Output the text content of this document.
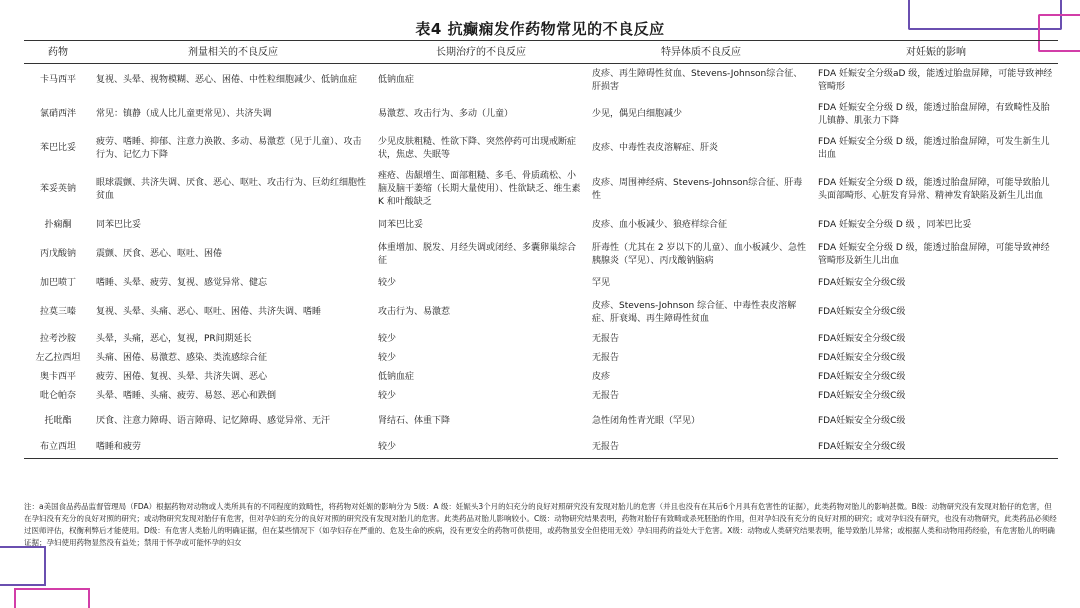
表4 抗癫痫发作药物常见的不良反应
药物	剂量相关的不良反应	长期治疗的不良反应	特异体质不良反应	对妊娠的影响
卡马西平	复视、头晕、视物模糊、恶心、困倦、中性粒细胞减少、低钠血症	低钠血症	皮疹、再生障碍性贫血、Stevens-Johnson综合征、肝损害	FDA 妊娠安全分级aD 级，能透过胎盘屏障，可能导致神经管畸形
氯硝西泮	常见：镇静（成人比儿童更常见）、共济失调	易激惹、攻击行为、多动（儿童）	少见，偶见白细胞减少	FDA 妊娠安全分级 D 级，能透过胎盘屏障，有致畸性及胎儿镇静、肌张力下降
苯巴比妥	疲劳、嗜睡、抑郁、注意力涣散、多动、易激惹（见于儿童）、攻击行为、记忆力下降	少见皮肤粗糙、性欲下降、突然停药可出现戒断症状，焦虑、失眠等	皮疹、中毒性表皮溶解症、肝炎	FDA 妊娠安全分级 D 级，能透过胎盘屏障，可发生新生儿出血
苯妥英钠	眼球震颤、共济失调、厌食、恶心、呕吐、攻击行为、巨幼红细胞性贫血	痤疮、齿龈增生、面部粗糙、多毛、骨质疏松、小脑及脑干萎缩（长期大量使用）、性欲缺乏、维生素 K 和叶酸缺乏	皮疹、周围神经病、Stevens-Johnson综合征、肝毒性	FDA 妊娠安全分级 D 级，能透过胎盘屏障，可能导致胎儿头面部畸形、心脏发育异常、精神发育缺陷及新生儿出血
扑痫酮	同苯巴比妥	同苯巴比妥	皮疹、血小板减少、狼疮样综合征	FDA 妊娠安全分级 D 级 ，同苯巴比妥
丙戊酸钠	震颤、厌食、恶心、呕吐、困倦	体重增加、脱发、月经失调或闭经、多囊卵巢综合征	肝毒性（尤其在 2 岁以下的儿童）、血小板减少、急性胰腺炎（罕见）、丙戊酸钠脑病	FDA 妊娠安全分级 D 级，能透过胎盘屏障，可能导致神经管畸形及新生儿出血
加巴喷丁	嗜睡、头晕、疲劳、复视、感觉异常、健忘	较少	罕见	FDA妊娠安全分级C级
拉莫三嗪	复视、头晕、头痛、恶心、呕吐、困倦、共济失调、嗜睡	攻击行为、易激惹	皮疹、Stevens-Johnson 综合征、中毒性表皮溶解症、肝衰竭、再生障碍性贫血	FDA妊娠安全分级C级
拉考沙胺	头晕，头痛，恶心，复视，PR间期延长	较少	无报告	FDA妊娠安全分级C级
左乙拉西坦	头痛、困倦、易激惹、感染、类流感综合征	较少	无报告	FDA妊娠安全分级C级
奥卡西平	疲劳、困倦、复视、头晕、共济失调、恶心	低钠血症	皮疹	FDA妊娠安全分级C级
吡仑帕奈	头晕、嗜睡、头痛、疲劳、易怒、恶心和跌倒	较少	无报告	FDA妊娠安全分级C级
托吡酯	厌食、注意力障碍、语言障碍、记忆障碍、感觉异常、无汗	肾结石、体重下降	急性闭角性青光眼（罕见）	FDA妊娠安全分级C级
布立西坦	嗜睡和疲劳	较少	无报告	FDA妊娠安全分级C级
注：a美国食品药品监督管理局（FDA）根据药物对动物或人类所具有的不同程度的致畸性，将药物对妊娠的影响分为 5级：A 级：妊娠头3个月的妇充分的良好对照研究没有发现对胎儿的危害（并且也没有在其后6个月具有危害性的证据），此类药物对胎儿的影响甚微。B级：动物研究没有发现对胎仔的危害，但在孕妇没有充分的良好对照的研究；或动物研究发现对胎仔有危害，但对孕妇的充分的良好对照的研究没有发现对胎儿的危害。此类药品对胎儿影响较小。C级：动物研究结果表明，药物对胎仔有致畸或杀死胚胎的作用，但对孕妇没有充分的良好对照的研究；或对孕妇没有研究，也没有动物研究，此类药品必须经过医师评估，权衡利弊后才能使用。D级：有危害人类胎儿的明确证据，但在某些情况下（如孕妇存在严重的、危及生命的疾病，没有更安全的药物可供使用，或药物虽安全但使用无效）孕妇用药的益处大于危害。X级：动物或人类研究结果表明，能导致胎儿异常；或根据人类和动物用药经验，有危害胎儿的明确证据；孕妇使用药物显然没有益处；禁用于怀孕或可能怀孕的妇女
